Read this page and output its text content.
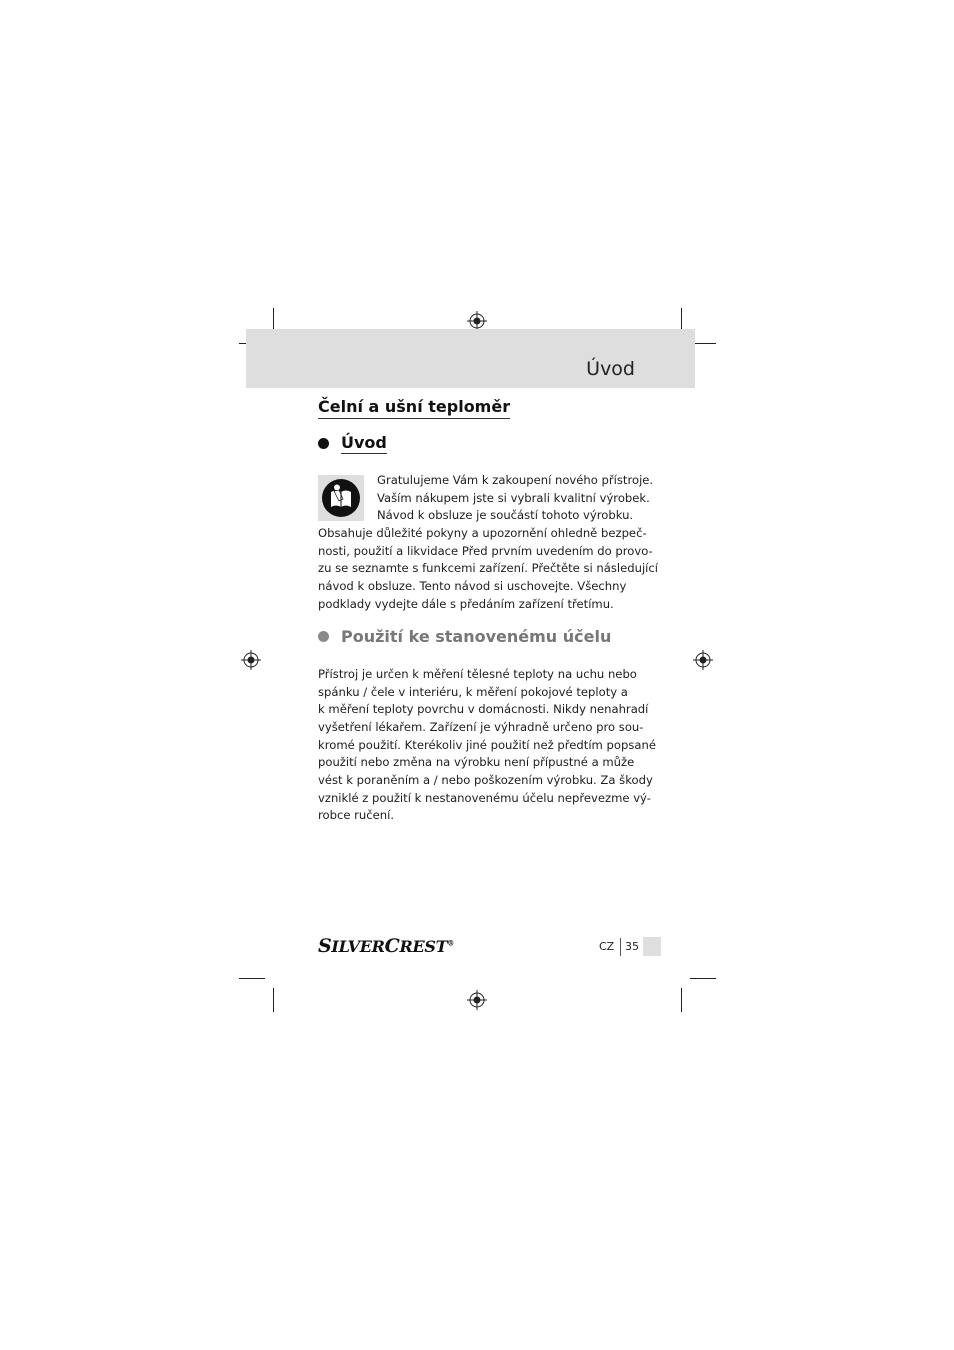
Úvod
Čelní a ušní teploměr
Úvod

Gratulujeme Vám k zakoupení nového přístroje.

Vaším nákupem jste si vybrali kvalitní výrobek.

Návod k obsluze je součástí tohoto výrobku.

Obsahuje důležité pokyny a upozornění ohledně bezpeč-

nosti, použití a likvidace Před prvním uvedením do provo-

zu se seznamte s funkcemi zařízení. Přečtěte si následující

návod k obsluze. Tento návod si uschovejte. Všechny

podklady vydejte dále s předáním zařízení třetímu.

Použití ke stanovenému účelu

Přístroj je určen k měření tělesné teploty na uchu nebo

spánku / čele v interiéru, k měření pokojové teploty a

k měření teploty povrchu v domácnosti. Nikdy nenahradí

vyšetření lékařem. Zařízení je výhradně určeno pro sou-

kromé použití. Kterékoliv jiné použití než předtím popsané

použití nebo změna na výrobku není přípustné a může

vést k poraněním a / nebo poškozením výrobku. Za škody

vzniklé z použití k nestanovenému účelu nepřevezme vý-

robce ručení.

SILVERCREST®	CZ 35
